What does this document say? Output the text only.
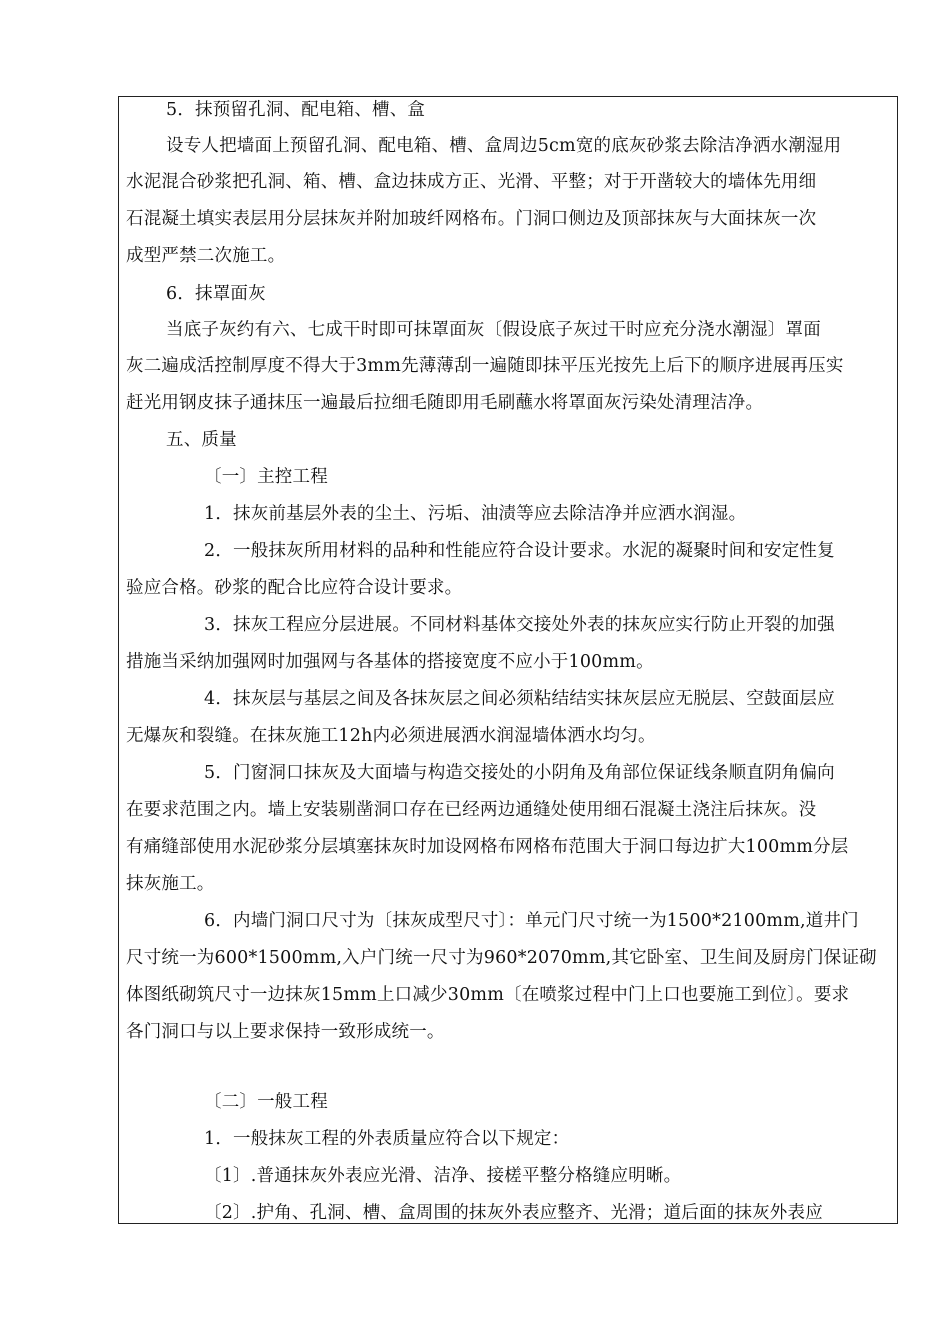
5．抹预留孔洞、配电箱、槽、盒
设专人把墙面上预留孔洞、配电箱、槽、盒周边5cm宽的底灰砂浆去除洁净洒水潮湿用
水泥混合砂浆把孔洞、箱、槽、盒边抹成方正、光滑、平整；对于开凿较大的墙体先用细
石混凝土填实表层用分层抹灰并附加玻纤网格布。门洞口侧边及顶部抹灰与大面抹灰一次
成型严禁二次施工。
6．抹罩面灰
当底子灰约有六、七成干时即可抹罩面灰〔假设底子灰过干时应充分浇水潮湿〕罩面
灰二遍成活控制厚度不得大于3mm先薄薄刮一遍随即抹平压光按先上后下的顺序进展再压实
赶光用钢皮抹子通抹压一遍最后拉细毛随即用毛刷蘸水将罩面灰污染处清理洁净。
五、质量
〔一〕主控工程
1．抹灰前基层外表的尘土、污垢、油渍等应去除洁净并应洒水润湿。
2．一般抹灰所用材料的品种和性能应符合设计要求。水泥的凝聚时间和安定性复
验应合格。砂浆的配合比应符合设计要求。
3．抹灰工程应分层进展。不同材料基体交接处外表的抹灰应实行防止开裂的加强
措施当采纳加强网时加强网与各基体的搭接宽度不应小于100mm。
4．抹灰层与基层之间及各抹灰层之间必须粘结结实抹灰层应无脱层、空鼓面层应
无爆灰和裂缝。在抹灰施工12h内必须进展洒水润湿墙体洒水均匀。
5．门窗洞口抹灰及大面墙与构造交接处的小阴角及角部位保证线条顺直阴角偏向
在要求范围之内。墙上安装剔凿洞口存在已经两边通缝处使用细石混凝土浇注后抹灰。没
有痛缝部使用水泥砂浆分层填塞抹灰时加设网格布网格布范围大于洞口每边扩大100mm分层
抹灰施工。
6．内墙门洞口尺寸为〔抹灰成型尺寸〕：单元门尺寸统一为1500*2100mm,道井门
尺寸统一为600*1500mm,入户门统一尺寸为960*2070mm,其它卧室、卫生间及厨房门保证砌
体图纸砌筑尺寸一边抹灰15mm上口减少30mm〔在喷浆过程中门上口也要施工到位〕。要求
各门洞口与以上要求保持一致形成统一。
〔二〕一般工程
1．一般抹灰工程的外表质量应符合以下规定：
〔1〕.普通抹灰外表应光滑、洁净、接槎平整分格缝应明晰。
〔2〕.护角、孔洞、槽、盒周围的抹灰外表应整齐、光滑；道后面的抹灰外表应
